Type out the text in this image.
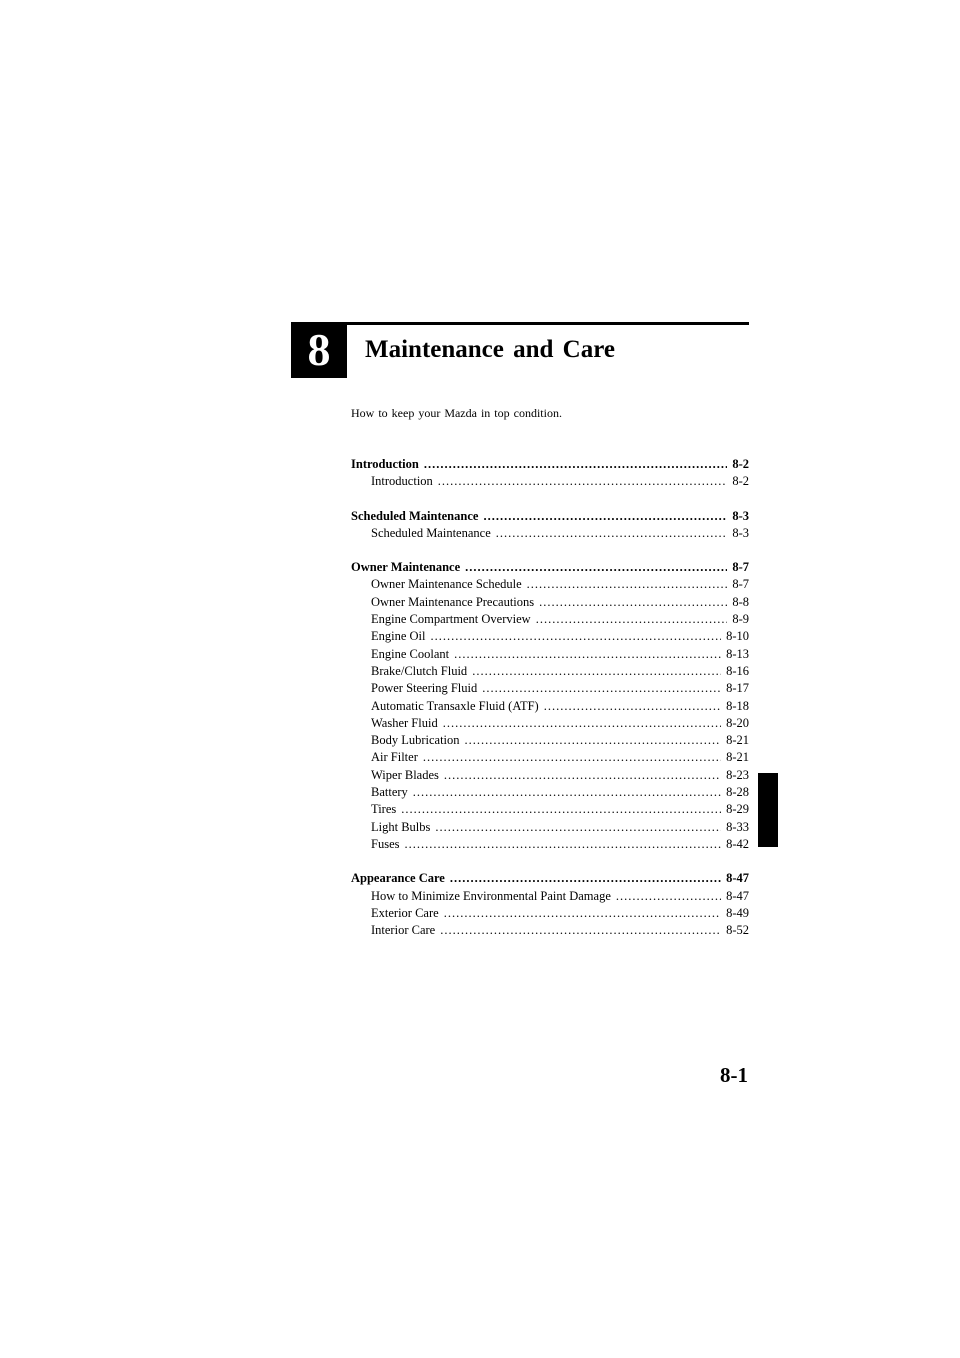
8 Maintenance and Care
How to keep your Mazda in top condition.
Introduction .....	8-2
Introduction .....	8-2
Scheduled Maintenance .....	8-3
Scheduled Maintenance .....	8-3
Owner Maintenance .....	8-7
Owner Maintenance Schedule .....	8-7
Owner Maintenance Precautions .....	8-8
Engine Compartment Overview .....	8-9
Engine Oil .....	8-10
Engine Coolant .....	8-13
Brake/Clutch Fluid .....	8-16
Power Steering Fluid .....	8-17
Automatic Transaxle Fluid (ATF) .....	8-18
Washer Fluid .....	8-20
Body Lubrication .....	8-21
Air Filter .....	8-21
Wiper Blades .....	8-23
Battery .....	8-28
Tires .....	8-29
Light Bulbs .....	8-33
Fuses .....	8-42
Appearance Care .....	8-47
How to Minimize Environmental Paint Damage .....	8-47
Exterior Care .....	8-49
Interior Care .....	8-52
8-1
